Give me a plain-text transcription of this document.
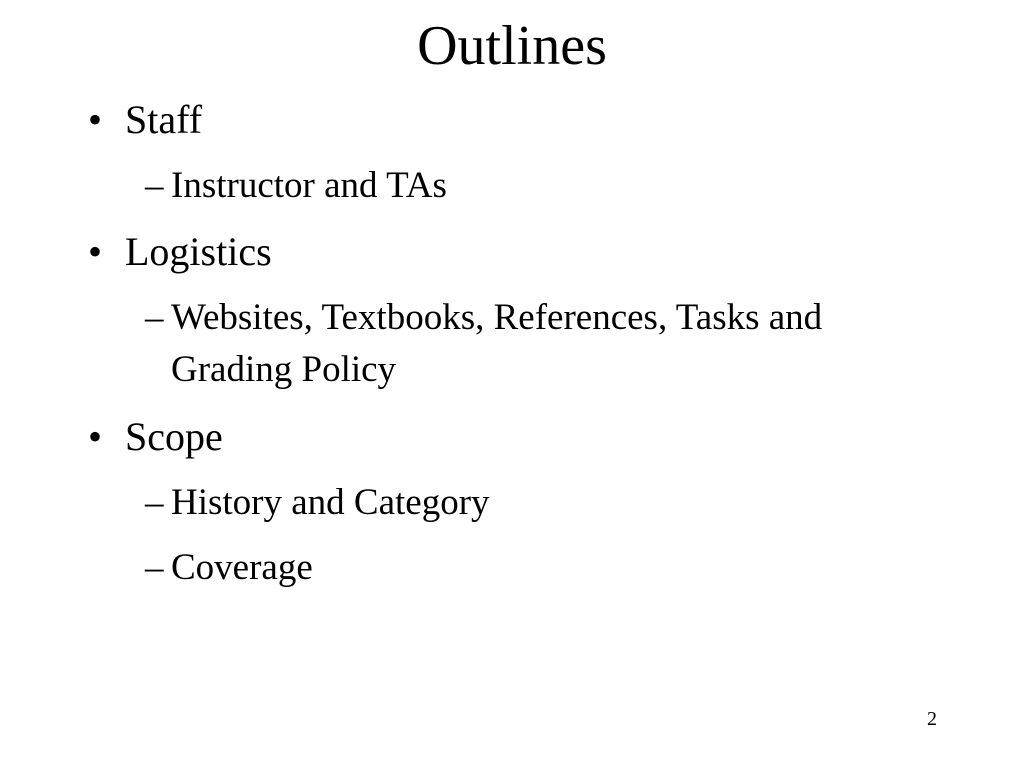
Outlines
• Staff
– Instructor and TAs
• Logistics
– Websites, Textbooks, References, Tasks and Grading Policy
• Scope
– History and Category
– Coverage
2
